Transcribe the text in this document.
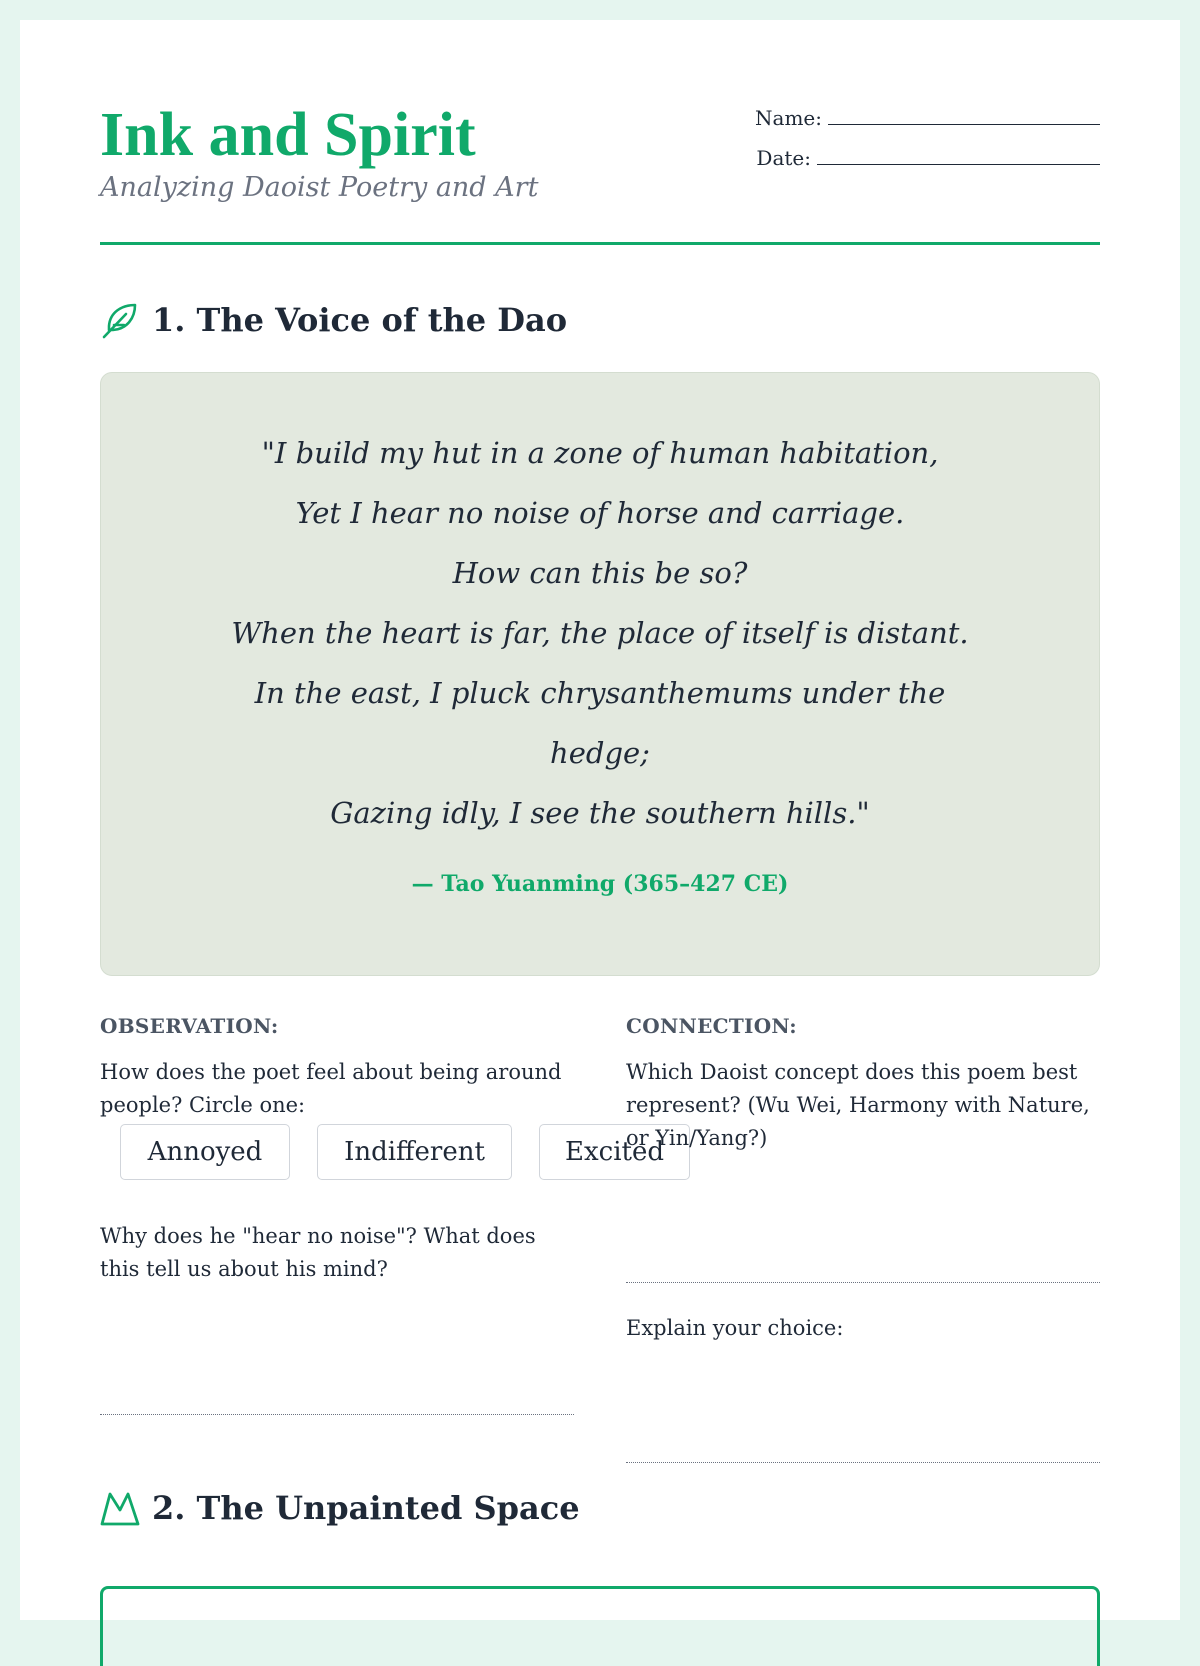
Ink and Spirit

Analyzing Daoist Poetry and Art

Name:
Date:
1. The Voice of the Dao
"I build my hut in a zone of human habitation,
Yet I hear no noise of horse and carriage.
How can this be so?
When the heart is far, the place of itself is distant.
In the east, I pluck chrysanthemums under the
hedge;
Gazing idly, I see the southern hills."
— Tao Yuanming (365–427 CE)

OBSERVATION:

How does the poet feel about being around people? Circle one:

Annoyed	Indifferent	Excited

Why does he "hear no noise"? What does this tell us about his mind?

CONNECTION:

Which Daoist concept does this poem best represent? (Wu Wei, Harmony with Nature, or Yin/Yang?)

Explain your choice:

2. The Unpainted Space
